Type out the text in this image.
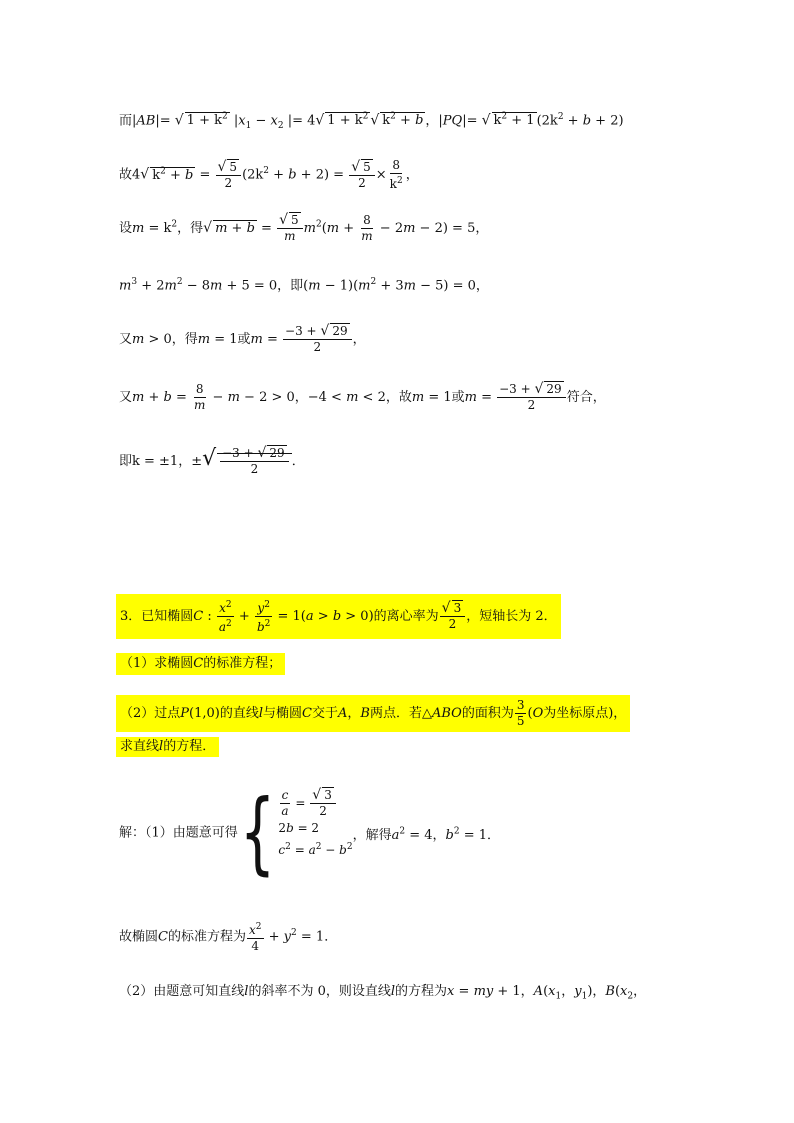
而|AB|= √ $1 + k^2$ $|x_1 - x_2$ |= 4√ $1 + k^2$ √ $k^2 + b$ ，|PQ|= √ $k^2 + 1$ $(2k^2 + b + 2)$
故4√ $k^2 + b = \frac{√ 5}{2} (2k^2 + b + 2) = \frac{√ 5}{2} \times \frac{8}{k^2}$ ，
设$m = k^2$，得√ $m + b = \frac{√ 5}{m} m^2(m + \frac{8}{m} - 2m - 2) = 5$，
$m^3 + 2m^2 - 8m + 5 = 0$，即$(m - 1)(m^2 + 3m - 5) = 0$，
又m > 0，得m = 1或$m = \frac{-3 + √ 29}{2}$ ，
又$m + b = \frac{8}{m} - m - 2 > 0$，−4 < m < 2，故m = 1或$m = \frac{-3 + √ 29}{2}$ 符合，
即k = ±1，±√ $\frac{-3 + √ 29}{2}$ ．
3．已知椭圆C : $\frac{x^2}{a^2} + \frac{y^2}{b^2} = 1(a > b > 0)$的离心率为 $\frac{√ 3}{2}$ ，短轴长为 2．
（1）求椭圆C的标准方程；
（2）过点P(1,0)的直线l与椭圆C交于A，B两点．若△ABO的面积为 $\frac{3}{5} (O$为坐标原点)，
求直线l的方程．
解：（1）由题意可得{ $\frac{c}{a} = \frac{√ 3}{2}$
2b = 2
$c^2 = a^2 - b^2$

，解得$a^2 = 4$，$b^2 = 1$．
故椭圆C的标准方程为 $\frac{x^2}{4} + y^2 = 1$．
（2）由题意可知直线l的斜率不为 0，则设直线l的方程为x = my + 1，$A(x_1$，$y_1$)，$B(x_2$，
